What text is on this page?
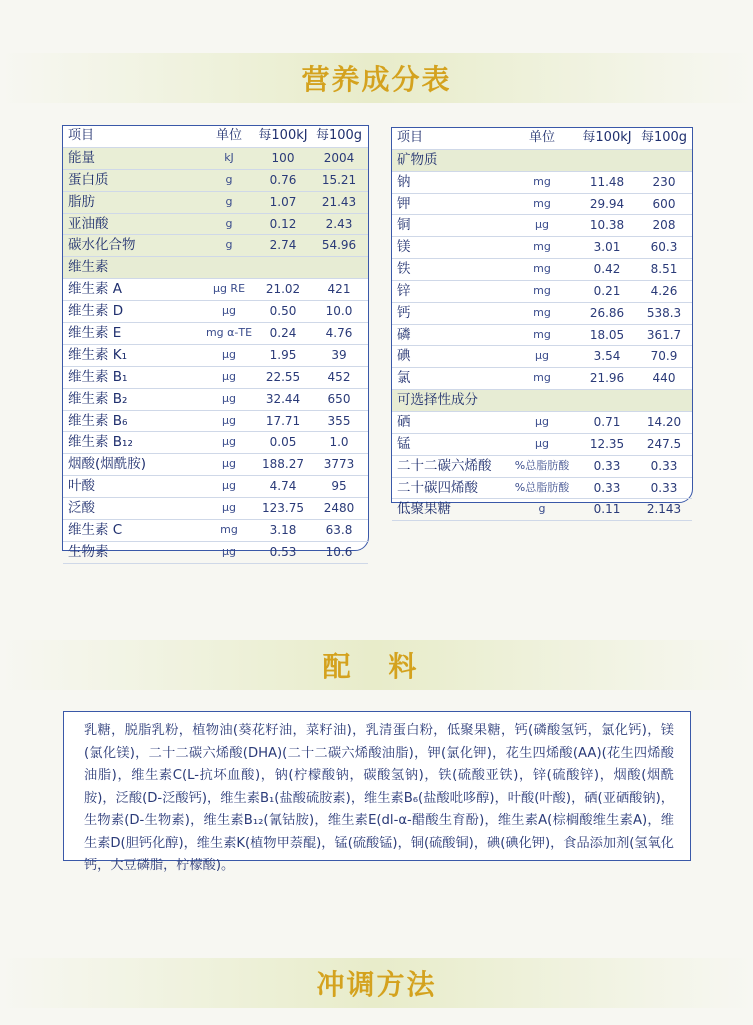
营养成分表
项目	单位	每100kJ 每100g
能量	kJ	100	2004
蛋白质	g	0.76	15.21
脂肪	g	1.07	21.43
亚油酸	g	0.12	2.43
碳水化合物	g	2.74	54.96
维生素
维生素 A	μg RE	21.02	421
维生素 D	μg	0.50	10.0
维生素 E	mg α-TE	0.24	4.76
维生素 K₁	μg	1.95	39
维生素 B₁	μg	22.55	452
维生素 B₂	μg	32.44	650
维生素 B₆	μg	17.71	355
维生素 B₁₂	μg	0.05	1.0
烟酸(烟酰胺)	μg	188.27	3773
叶酸	μg	4.74	95
泛酸	μg	123.75	2480
维生素 C	mg	3.18	63.8
生物素	μg	0.53	10.6
项目	单位	每100kJ 每100g
矿物质
钠	mg	11.48	230
钾	mg	29.94	600
铜	μg	10.38	208
镁	mg	3.01	60.3
铁	mg	0.42	8.51
锌	mg	0.21	4.26
钙	mg	26.86	538.3
磷	mg	18.05	361.7
碘	μg	3.54	70.9
氯	mg	21.96	440
可选择性成分
硒	μg	0.71	14.20
锰	μg	12.35	247.5
二十二碳六烯酸	%总脂肪酸	0.33	0.33
二十碳四烯酸	%总脂肪酸	0.33	0.33
低聚果糖	g	0.11	2.143
配 料
乳糖，脱脂乳粉，植物油(葵花籽油，菜籽油)，乳清蛋白粉，低聚果糖，钙(磷酸氢钙，氯化钙)，镁(氯化镁)，二十二碳六烯酸(DHA)(二十二碳六烯酸油脂)，钾(氯化钾)，花生四烯酸(AA)(花生四烯酸油脂)，维生素C(L-抗坏血酸)，钠(柠檬酸钠，碳酸氢钠)，铁(硫酸亚铁)，锌(硫酸锌)，烟酸(烟酰胺)，泛酸(D-泛酸钙)，维生素B₁(盐酸硫胺素)，维生素B₆(盐酸吡哆醇)，叶酸(叶酸)，硒(亚硒酸钠)，生物素(D-生物素)，维生素B₁₂(氰钴胺)，维生素E(dl-α-醋酸生育酚)，维生素A(棕榈酸维生素A)，维生素D(胆钙化醇)，维生素K(植物甲萘醌)，锰(硫酸锰)，铜(硫酸铜)，碘(碘化钾)，食品添加剂(氢氧化钙，大豆磷脂，柠檬酸)。
冲调方法
